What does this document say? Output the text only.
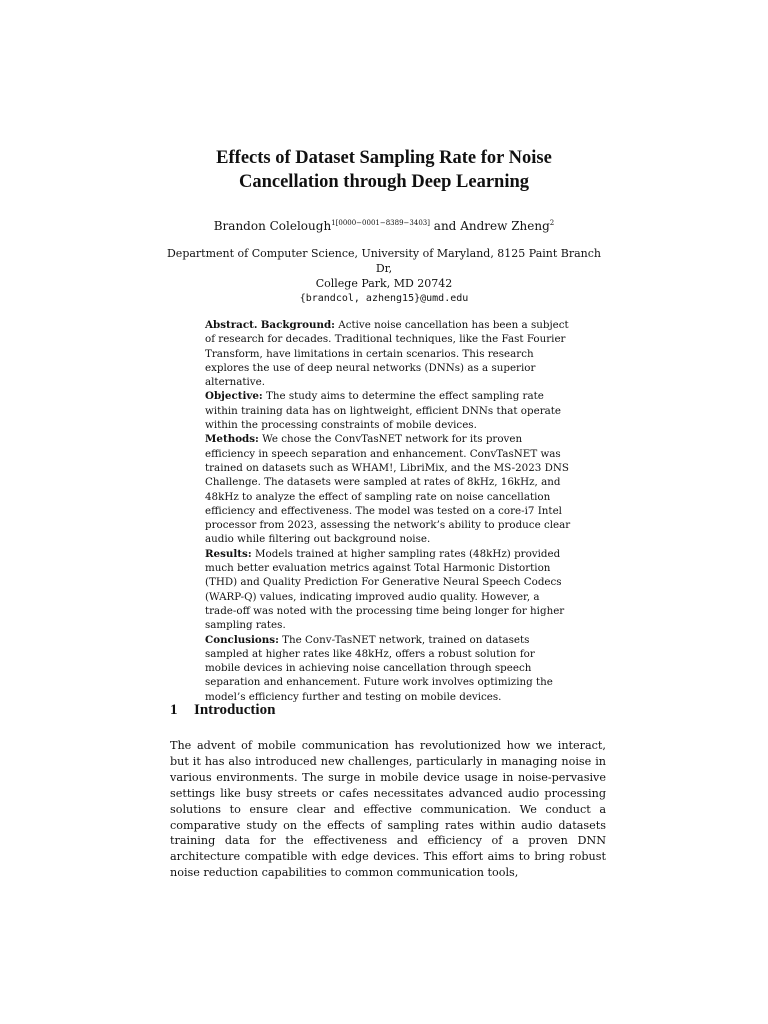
Effects of Dataset Sampling Rate for Noise
Cancellation through Deep Learning
Brandon Colelough$^{1[0000-0001-8389-3403]}$ and Andrew Zheng$^2$
Department of Computer Science, University of Maryland, 8125 Paint Branch Dr,
College Park, MD 20742
{brandcol, azheng15}@umd.edu

Abstract. Background: Active noise cancellation has been a subject of research for decades. Traditional techniques, like the Fast Fourier Transform, have limitations in certain scenarios. This research explores the use of deep neural networks (DNNs) as a superior alternative.

Objective: The study aims to determine the effect sampling rate within training data has on lightweight, efficient DNNs that operate within the processing constraints of mobile devices.

Methods: We chose the ConvTasNET network for its proven efficiency in speech separation and enhancement. ConvTasNET was trained on datasets such as WHAM!, LibriMix, and the MS-2023 DNS Challenge. The datasets were sampled at rates of 8kHz, 16kHz, and 48kHz to analyze the effect of sampling rate on noise cancellation efficiency and effectiveness. The model was tested on a core-i7 Intel processor from 2023, assessing the network’s ability to produce clear audio while filtering out background noise.

Results: Models trained at higher sampling rates (48kHz) provided much better evaluation metrics against Total Harmonic Distortion (THD) and Quality Prediction For Generative Neural Speech Codecs (WARP-Q) values, indicating improved audio quality. However, a trade-off was noted with the processing time being longer for higher sampling rates.

Conclusions: The Conv-TasNET network, trained on datasets sampled at higher rates like 48kHz, offers a robust solution for mobile devices in achieving noise cancellation through speech separation and enhancement. Future work involves optimizing the model’s efficiency further and testing on mobile devices.

1 Introduction

The advent of mobile communication has revolutionized how we interact, but it has also introduced new challenges, particularly in managing noise in various environments. The surge in mobile device usage in noise-pervasive settings like busy streets or cafes necessitates advanced audio processing solutions to ensure clear and effective communication. We conduct a comparative study on the effects of sampling rates within audio datasets training data for the effectiveness and efficiency of a proven DNN architecture compatible with edge devices. This effort aims to bring robust noise reduction capabilities to common communication tools,
